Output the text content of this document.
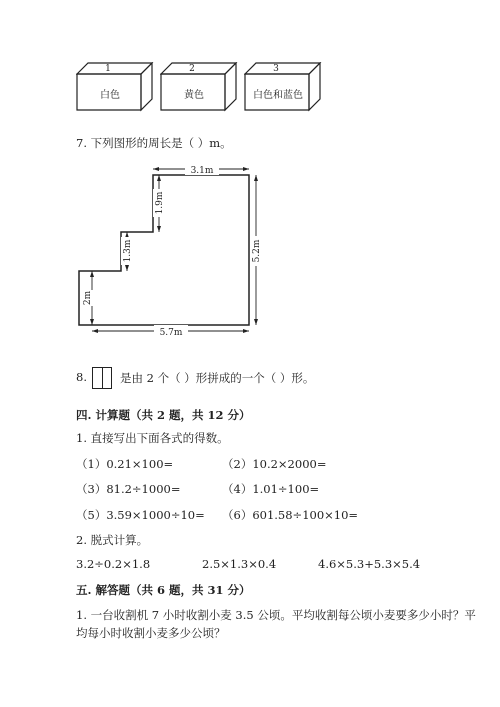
1
白色
2
黄色
3
白色和蓝色
7. 下列图形的周长是（ ）m。
3.1m
5.2m
5.7m
2m
1.3m
1.9m
8.	是由 2 个（ ）形拼成的一个（ ）形。
四. 计算题（共 2 题，共 12 分）
1. 直接写出下面各式的得数。
（1）0.21×100=	（2）10.2×2000=
（3）81.2÷1000=	（4）1.01÷100=
（5）3.59×1000÷10= （6）601.58÷100×10=
2. 脱式计算。
3.2÷0.2×1.8	2.5×1.3×0.4	4.6×5.3+5.3×5.4
五. 解答题（共 6 题，共 31 分）
1. 一台收割机 7 小时收割小麦 3.5 公顷。平均收割每公顷小麦要多少小时？平
均每小时收割小麦多少公顷？
